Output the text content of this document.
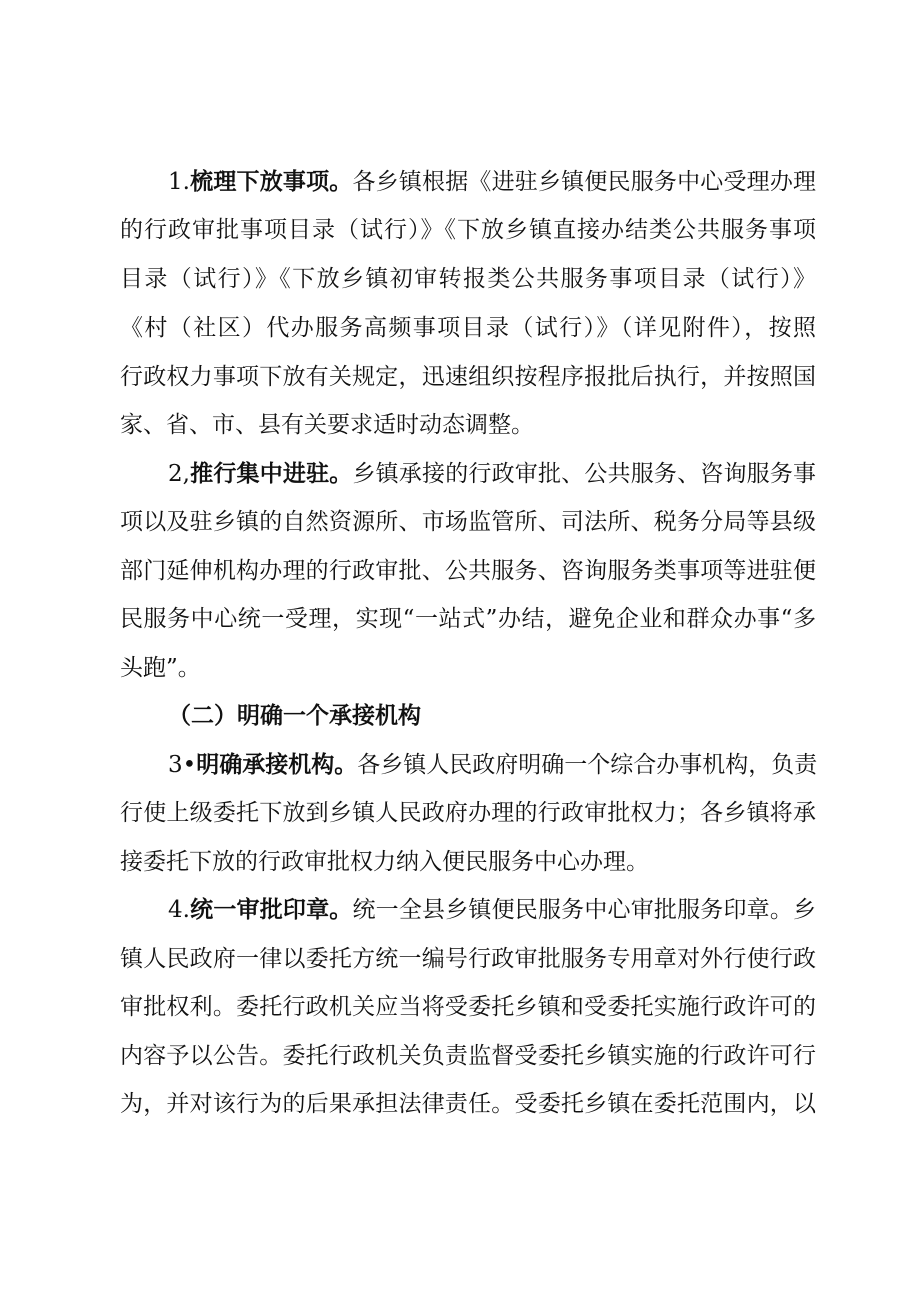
1.梳理下放事项。各乡镇根据《进驻乡镇便民服务中心受理办理
的行政审批事项目录（试行）》《下放乡镇直接办结类公共服务事项
目录（试行）》《下放乡镇初审转报类公共服务事项目录（试行）》
《村（社区）代办服务高频事项目录（试行）》（详见附件），按照
行政权力事项下放有关规定，迅速组织按程序报批后执行，并按照国
家、省、市、县有关要求适时动态调整。
2,推行集中进驻。乡镇承接的行政审批、公共服务、咨询服务事
项以及驻乡镇的自然资源所、市场监管所、司法所、税务分局等县级
部门延伸机构办理的行政审批、公共服务、咨询服务类事项等进驻便
民服务中心统一受理，实现“一站式”办结，避免企业和群众办事“多
头跑”。
（二）明确一个承接机构
3•明确承接机构。各乡镇人民政府明确一个综合办事机构，负责
行使上级委托下放到乡镇人民政府办理的行政审批权力；各乡镇将承
接委托下放的行政审批权力纳入便民服务中心办理。
4.统一审批印章。统一全县乡镇便民服务中心审批服务印章。乡
镇人民政府一律以委托方统一编号行政审批服务专用章对外行使行政
审批权利。委托行政机关应当将受委托乡镇和受委托实施行政许可的
内容予以公告。委托行政机关负责监督受委托乡镇实施的行政许可行
为，并对该行为的后果承担法律责任。受委托乡镇在委托范围内，以
